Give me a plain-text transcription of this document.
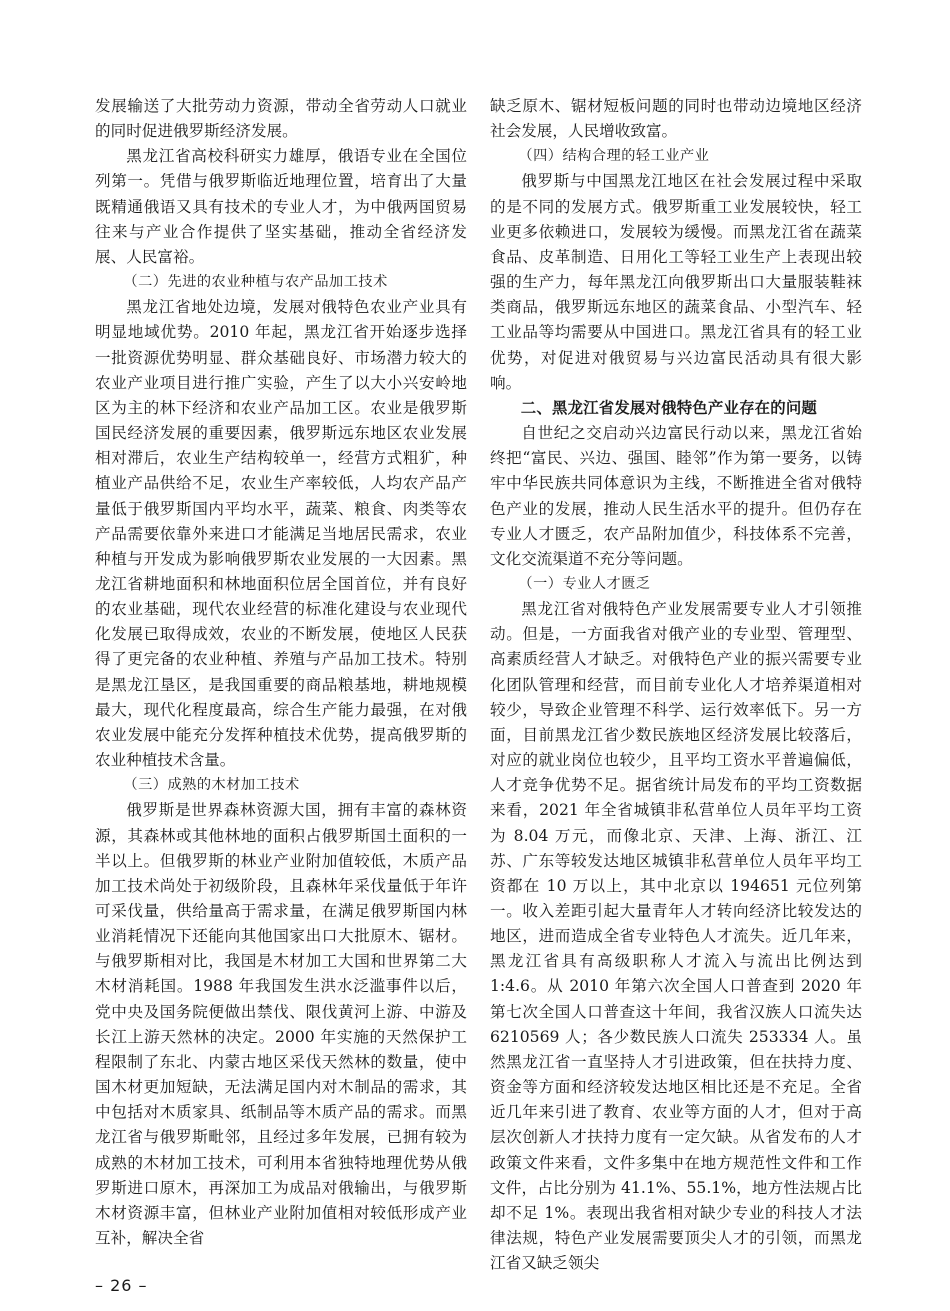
发展输送了大批劳动力资源，带动全省劳动人口就业的同时促进俄罗斯经济发展。

黑龙江省高校科研实力雄厚，俄语专业在全国位列第一。凭借与俄罗斯临近地理位置，培育出了大量既精通俄语又具有技术的专业人才，为中俄两国贸易往来与产业合作提供了坚实基础，推动全省经济发展、人民富裕。

（二）先进的农业种植与农产品加工技术

黑龙江省地处边境，发展对俄特色农业产业具有明显地域优势。2010 年起，黑龙江省开始逐步选择一批资源优势明显、群众基础良好、市场潜力较大的农业产业项目进行推广实验，产生了以大小兴安岭地区为主的林下经济和农业产品加工区。农业是俄罗斯国民经济发展的重要因素，俄罗斯远东地区农业发展相对滞后，农业生产结构较单一，经营方式粗犷，种植业产品供给不足，农业生产率较低，人均农产品产量低于俄罗斯国内平均水平，蔬菜、粮食、肉类等农产品需要依靠外来进口才能满足当地居民需求，农业种植与开发成为影响俄罗斯农业发展的一大因素。黑龙江省耕地面积和林地面积位居全国首位，并有良好的农业基础，现代农业经营的标准化建设与农业现代化发展已取得成效，农业的不断发展，使地区人民获得了更完备的农业种植、养殖与产品加工技术。特别是黑龙江垦区，是我国重要的商品粮基地，耕地规模最大，现代化程度最高，综合生产能力最强，在对俄农业发展中能充分发挥种植技术优势，提高俄罗斯的农业种植技术含量。

（三）成熟的木材加工技术

俄罗斯是世界森林资源大国，拥有丰富的森林资源，其森林或其他林地的面积占俄罗斯国土面积的一半以上。但俄罗斯的林业产业附加值较低，木质产品加工技术尚处于初级阶段，且森林年采伐量低于年许可采伐量，供给量高于需求量，在满足俄罗斯国内林业消耗情况下还能向其他国家出口大批原木、锯材。与俄罗斯相对比，我国是木材加工大国和世界第二大木材消耗国。1988 年我国发生洪水泛滥事件以后，党中央及国务院便做出禁伐、限伐黄河上游、中游及长江上游天然林的决定。2000 年实施的天然保护工程限制了东北、内蒙古地区采伐天然林的数量，使中国木材更加短缺，无法满足国内对木制品的需求，其中包括对木质家具、纸制品等木质产品的需求。而黑龙江省与俄罗斯毗邻，且经过多年发展，已拥有较为成熟的木材加工技术，可利用本省独特地理优势从俄罗斯进口原木，再深加工为成品对俄输出，与俄罗斯木材资源丰富，但林业产业附加值相对较低形成产业互补，解决全省

缺乏原木、锯材短板问题的同时也带动边境地区经济社会发展，人民增收致富。

（四）结构合理的轻工业产业

俄罗斯与中国黑龙江地区在社会发展过程中采取的是不同的发展方式。俄罗斯重工业发展较快，轻工业更多依赖进口，发展较为缓慢。而黑龙江省在蔬菜食品、皮革制造、日用化工等轻工业生产上表现出较强的生产力，每年黑龙江向俄罗斯出口大量服装鞋袜类商品，俄罗斯远东地区的蔬菜食品、小型汽车、轻工业品等均需要从中国进口。黑龙江省具有的轻工业优势，对促进对俄贸易与兴边富民活动具有很大影响。

二、黑龙江省发展对俄特色产业存在的问题

自世纪之交启动兴边富民行动以来，黑龙江省始终把“富民、兴边、强国、睦邻”作为第一要务，以铸牢中华民族共同体意识为主线，不断推进全省对俄特色产业的发展，推动人民生活水平的提升。但仍存在专业人才匮乏，农产品附加值少，科技体系不完善，文化交流渠道不充分等问题。

（一）专业人才匮乏

黑龙江省对俄特色产业发展需要专业人才引领推动。但是，一方面我省对俄产业的专业型、管理型、高素质经营人才缺乏。对俄特色产业的振兴需要专业化团队管理和经营，而目前专业化人才培养渠道相对较少，导致企业管理不科学、运行效率低下。另一方面，目前黑龙江省少数民族地区经济发展比较落后，对应的就业岗位也较少，且平均工资水平普遍偏低，人才竞争优势不足。据省统计局发布的平均工资数据来看，2021 年全省城镇非私营单位人员年平均工资为 8.04 万元，而像北京、天津、上海、浙江、江苏、广东等较发达地区城镇非私营单位人员年平均工资都在 10 万以上，其中北京以 194651 元位列第一。收入差距引起大量青年人才转向经济比较发达的地区，进而造成全省专业特色人才流失。近几年来，黑龙江省具有高级职称人才流入与流出比例达到 1:4.6。从 2010 年第六次全国人口普查到 2020 年第七次全国人口普查这十年间，我省汉族人口流失达 6210569 人；各少数民族人口流失 253334 人。虽然黑龙江省一直坚持人才引进政策，但在扶持力度、资金等方面和经济较发达地区相比还是不充足。全省近几年来引进了教育、农业等方面的人才，但对于高层次创新人才扶持力度有一定欠缺。从省发布的人才政策文件来看，文件多集中在地方规范性文件和工作文件，占比分别为 41.1%、55.1%，地方性法规占比却不足 1%。表现出我省相对缺少专业的科技人才法律法规，特色产业发展需要顶尖人才的引领，而黑龙江省又缺乏领尖

– 26 –
